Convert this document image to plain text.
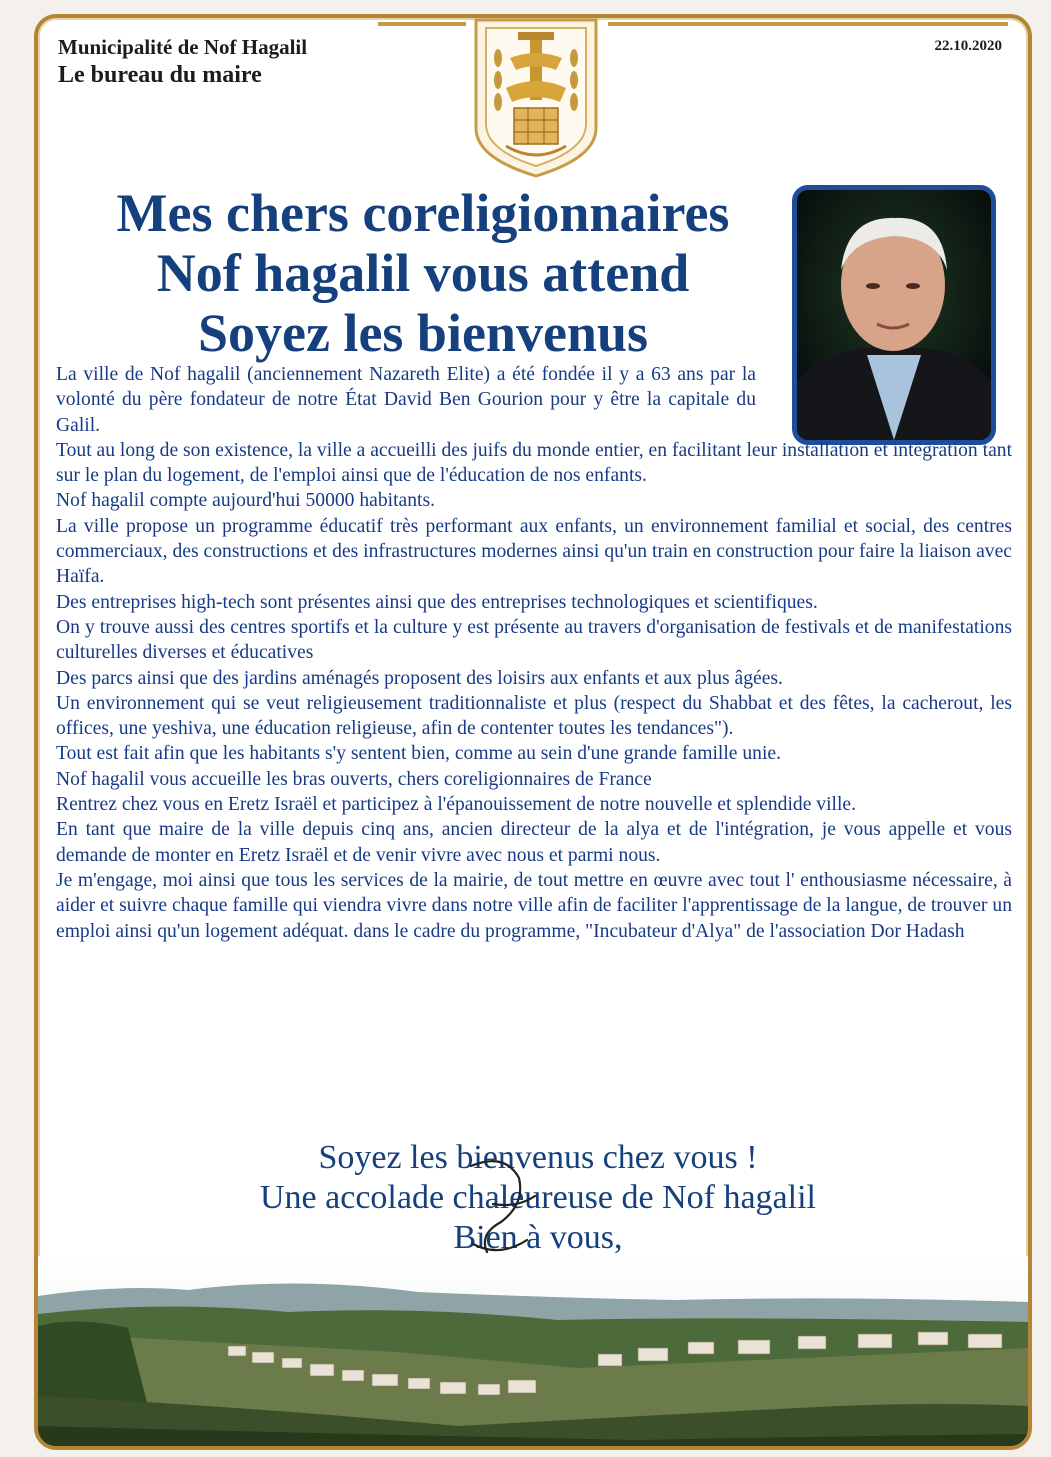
Municipalité de Nof Hagalil
Le bureau du maire
22.10.2020
Mes chers coreligionnaires
Nof hagalil vous attend
Soyez les bienvenus

La ville de Nof hagalil (anciennement Nazareth Elite) a été fondée il y a 63 ans par la volonté du père fondateur de notre État David Ben Gourion pour y être la capitale du Galil.

Tout au long de son existence, la ville a accueilli des juifs du monde entier, en facilitant leur installation et intégration tant sur le plan du logement, de l'emploi ainsi que de l'éducation de nos enfants.

Nof hagalil compte aujourd'hui 50000 habitants.

La ville propose un programme éducatif très performant aux enfants, un environnement familial et social, des centres commerciaux, des constructions et des infrastructures modernes ainsi qu'un train en construction pour faire la liaison avec Haïfa.

Des entreprises high-tech sont présentes ainsi que des entreprises technologiques et scientifiques.

On y trouve aussi des centres sportifs et la culture y est présente au travers d'organisation de festivals et de manifestations culturelles diverses et éducatives

Des parcs ainsi que des jardins aménagés proposent des loisirs aux enfants et aux plus âgées.

Un environnement qui se veut religieusement traditionnaliste et plus (respect du Shabbat et des fêtes, la cacherout, les offices, une yeshiva, une éducation religieuse, afin de contenter toutes les tendances").

Tout est fait afin que les habitants s'y sentent bien, comme au sein d'une grande famille unie.

Nof hagalil vous accueille les bras ouverts, chers coreligionnaires de France

Rentrez chez vous en Eretz Israël et participez à l'épanouissement de notre nouvelle et splendide ville.

En tant que maire de la ville depuis cinq ans, ancien directeur de la alya et de l'intégration, je vous appelle et vous demande de monter en Eretz Israël et de venir vivre avec nous et parmi nous.

Je m'engage, moi ainsi que tous les services de la mairie, de tout mettre en œuvre avec tout l' enthousiasme nécessaire, à aider et suivre chaque famille qui viendra vivre dans notre ville afin de faciliter l'apprentissage de la langue, de trouver un emploi ainsi qu'un logement adéquat. dans le cadre du programme, "Incubateur d'Alya" de l'association Dor Hadash

Soyez les bienvenus chez vous !
Une accolade chaleureuse de Nof hagalil
Bien à vous,
